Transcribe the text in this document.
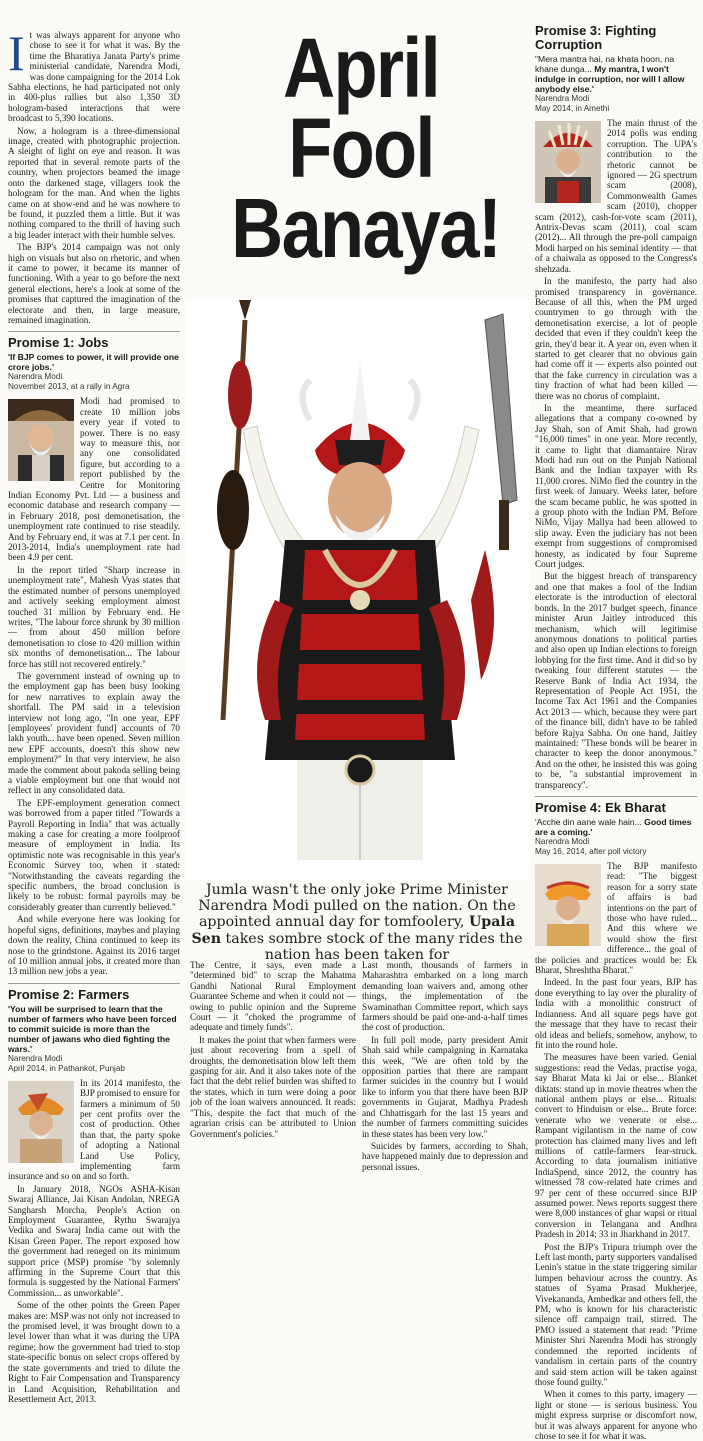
I t was always apparent for anyone who chose to see it for what it was. By the time the Bharatiya Janata Party's prime ministerial candidate, Narendra Modi, was done campaigning for the 2014 Lok Sabha elections, he had participated not only in 400-plus rallies but also 1,350 3D hologram-based interactions that were broadcast to 5,390 locations.

Now, a hologram is a three-dimensional image, created with photographic projection. A sleight of light on eye and reason. It was reported that in several remote parts of the country, when projectors beamed the image onto the darkened stage, villagers took the hologram for the man. And when the lights came on at show-end and he was nowhere to be found, it puzzled them a little. But it was nothing compared to the thrill of having such a big leader interact with their humble selves.

The BJP's 2014 campaign was not only high on visuals but also on rhetoric, and when it came to power, it became its manner of functioning. With a year to go before the next general elections, here's a look at some of the promises that captured the imagination of the electorate and then, in large measure, remained imagination.

Promise 1: Jobs

'If BJP comes to power, it will provide one crore jobs.'

Narendra Modi
November 2013, at a rally in Agra

Modi had promised to create 10 million jobs every year if voted to power. There is no easy way to measure this, nor any one consolidated figure, but according to a report published by the Centre for Monitoring Indian Economy Pvt. Ltd — a business and economic database and research company — in February 2018, post demonetisation, the unemployment rate continued to rise steadily. And by February end, it was at 7.1 per cent. In 2013-2014, India's unemployment rate had been 4.9 per cent.

In the report titled "Sharp increase in unemployment rate", Mahesh Vyas states that the estimated number of persons unemployed and actively seeking employment almost touched 31 million by February end. He writes, "The labour force shrunk by 30 million — from about 450 million before demonetisation to close to 420 million within six months of demonetisation... The labour force has still not recovered entirely."

The government instead of owning up to the employment gap has been busy looking for new narratives to explain away the shortfall. The PM said in a television interview not long ago, "In one year, EPF [employees' provident fund] accounts of 70 lakh youth... have been opened. Seven million new EPF accounts, doesn't this show new employment?" In that very interview, he also made the comment about pakoda selling being a viable employment but one that would not reflect in any consolidated data.

The EPF-employment generation connect was borrowed from a paper titled "Towards a Payroll Reporting in India" that was actually making a case for creating a more foolproof measure of employment in India. Its optimistic note was recognisable in this year's Economic Survey too, when it stated: "Notwithstanding the caveats regarding the specific numbers, the broad conclusion is likely to be robust: formal payrolls may be considerably greater than currently believed."

And while everyone here was looking for hopeful signs, definitions, maybes and playing down the reality, China continued to keep its nose to the grindstone. Against its 2016 target of 10 million annual jobs, it created more than 13 million new jobs a year.

Promise 2: Farmers

'You will be surprised to learn that the number of farmers who have been forced to commit suicide is more than the number of jawans who died fighting the wars.'

Narendra Modi
April 2014, in Pathankot, Punjab

In its 2014 manifesto, the BJP promised to ensure for farmers a minimum of 50 per cent profits over the cost of production. Other than that, the party spoke of adopting a National Land Use Policy, implementing farm insurance and so on and so forth.

In January 2018, NGOs ASHA-Kisan Swaraj Alliance, Jai Kisan Andolan, NREGA Sangharsh Morcha, People's Action on Employment Guarantee, Rythu Swarajya Vedika and Swaraj India came out with the Kisan Green Paper. The report exposed how the government had reneged on its minimum support price (MSP) promise "by solemnly affirming in the Supreme Court that this formula is suggested by the National Farmers' Commission... as unworkable".

Some of the other points the Green Paper makes are: MSP was not only not increased to the promised level, it was brought down to a level lower than what it was during the UPA regime; how the government had tried to stop state-specific bonus on select crops offered by the state governments and tried to dilute the Right to Fair Compensation and Transparency in Land Acquisition, Rehabilitation and Resettlement Act, 2013.

April
Fool
Banaya!
Jumla wasn't the only joke Prime Minister Narendra Modi pulled on the nation. On the appointed annual day for tomfoolery, Upala Sen takes sombre stock of the many rides the nation has been taken for

The Centre, it says, even made a "determined bid" to scrap the Mahatma Gandhi National Rural Employment Guarantee Scheme and when it could not — owing to public opinion and the Supreme Court — it "choked the programme of adequate and timely funds".

It makes the point that when farmers were just about recovering from a spell of droughts, the demonetisation blow left them gasping for air. And it also takes note of the fact that the debt relief burden was shifted to the states, which in turn were doing a poor job of the loan waivers announced. It reads: "This, despite the fact that much of the agrarian crisis can be attributed to Union Government's policies."

Last month, thousands of farmers in Maharashtra embarked on a long march demanding loan waivers and, among other things, the implementation of the Swaminathan Committee report, which says farmers should be paid one-and-a-half times the cost of production.

In full poll mode, party president Amit Shah said while campaigning in Karnataka this week, "We are often told by the opposition parties that there are rampant farmer suicides in the country but I would like to inform you that there have been BJP governments in Gujarat, Madhya Pradesh and Chhattisgarh for the last 15 years and the number of farmers committing suicides in these states has been very low."

Suicides by farmers, according to Shah, have happened mainly due to depression and personal issues.

Promise 3: Fighting
Corruption

"Mera mantra hai, na khata hoon, na khane dunga... My mantra, I won't indulge in corruption, nor will I allow anybody else.'

Narendra Modi
May 2014, in Amethi

The main thrust of the 2014 polls was ending corruption. The UPA's contribution to the rhetoric cannot be ignored — 2G spectrum scam (2008), Commonwealth Games scam (2010), chopper scam (2012), cash-for-vote scam (2011), Antrix-Devas scam (2011), coal scam (2012)... All through the pre-poll campaign Modi harped on his seminal identity — that of a chaiwala as opposed to the Congress's shehzada.

In the manifesto, the party had also promised transparency in governance. Because of all this, when the PM urged countrymen to go through with the demonetisation exercise, a lot of people decided that even if they couldn't keep the grin, they'd bear it. A year on, even when it started to get clearer that no obvious gain had come off it — experts also pointed out that the fake currency in circulation was a tiny fraction of what had been killed — there was no chorus of complaint.

In the meantime, there surfaced allegations that a company co-owned by Jay Shah, son of Amit Shah, had grown "16,000 times" in one year. More recently, it came to light that diamantaire Nirav Modi had run out on the Punjab National Bank and the Indian taxpayer with Rs 11,000 crores. NiMo fled the country in the first week of January. Weeks later, before the scam became public, he was spotted in a group photo with the Indian PM. Before NiMo, Vijay Mallya had been allowed to slip away. Even the judiciary has not been exempt from suggestions of compromised honesty, as indicated by four Supreme Court judges.

But the biggest breach of transparency and one that makes a fool of the Indian electorate is the introduction of electoral bonds. In the 2017 budget speech, finance minister Arun Jaitley introduced this mechanism, which will legitimise anonymous donations to political parties and also open up Indian elections to foreign lobbying for the first time. And it did so by tweaking four different statutes — the Reserve Bank of India Act 1934, the Representation of People Act 1951, the Income Tax Act 1961 and the Companies Act 2013 — which, because they were part of the finance bill, didn't have to be tabled before Rajya Sabha. On one hand, Jaitley maintained: "These bonds will be bearer in character to keep the donor anonymous." And on the other, he insisted this was going to be, "a substantial improvement in transparency".

Promise 4: Ek Bharat

'Acche din aane wale hain... Good times are a coming.'

Narendra Modi
May 16, 2014, after poll victory

The BJP manifesto read: "The biggest reason for a sorry state of affairs is bad intentions on the part of those who have ruled... And this where we would show the first difference... the goal of the policies and practices would be: Ek Bharat, Shreshtha Bharat."

Indeed. In the past four years, BJP has done everything to lay over the plurality of India with a monolithic construct of Indianness. And all square pegs have got the message that they have to recast their old ideas and beliefs, somehow, anyhow, to fit into the round hole.

The measures have been varied. Genial suggestions: read the Vedas, practise yoga, say Bharat Mata ki Jai or else... Blanket diktats: stand up in movie theatres when the national anthem plays or else... Rituals: convert to Hinduism or else... Brute force: venerate who we venerate or else... Rampant vigilantism in the name of cow protection has claimed many lives and left millions of cattle-farmers fear-struck. According to data journalism initiative IndiaSpend, since 2012, the country has witnessed 78 cow-related hate crimes and 97 per cent of these occurred since BJP assumed power. News reports suggest there were 8,000 instances of ghar wapsi or ritual conversion in Telangana and Andhra Pradesh in 2014; 33 in Jharkhand in 2017.

Post the BJP's Tripura triumph over the Left last month, party supporters vandalised Lenin's statue in the state triggering similar lumpen behaviour across the country. As statues of Syama Prasad Mukherjee, Vivekananda, Ambedkar and others fell, the PM, who is known for his characteristic silence off campaign trail, stirred. The PMO issued a statement that read: "Prime Minister Shri Narendra Modi has strongly condemned the reported incidents of vandalism in certain parts of the country and said stern action will be taken against those found guilty."

When it comes to this party, imagery — light or stone — is serious business. You might express surprise or discomfort now, but it was always apparent for anyone who chose to see it for what it was.
